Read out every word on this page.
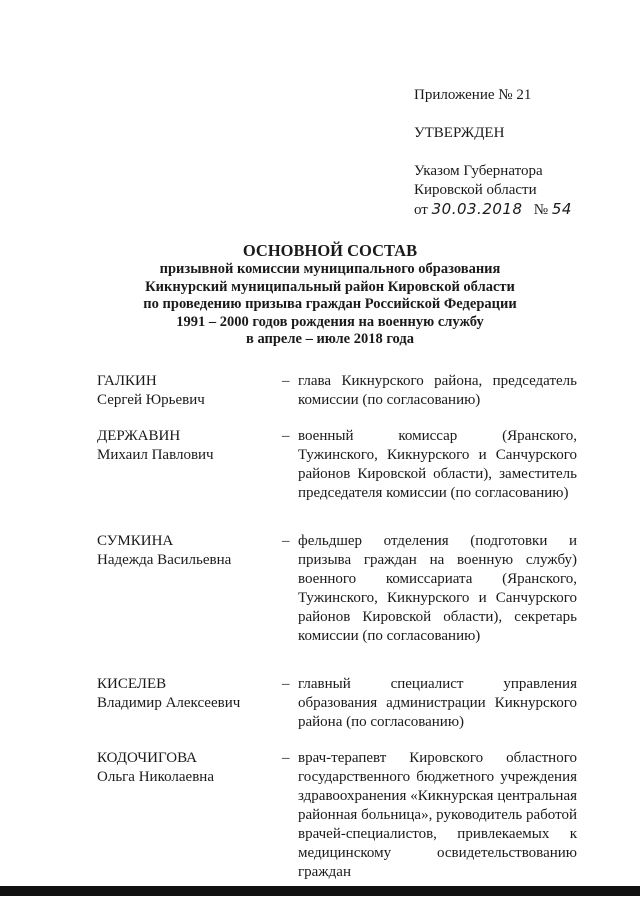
Приложение № 21
УТВЕРЖДЕН
Указом Губернатора
Кировской области
от 30.03.2018 № 54
ОСНОВНОЙ СОСТАВ
призывной комиссии муниципального образования
Кикнурский муниципальный район Кировской области
по проведению призыва граждан Российской Федерации
1991 – 2000 годов рождения на военную службу
в апреле – июле 2018 года
ГАЛКИН
Сергей Юрьевич
– глава Кикнурского района, председатель комиссии (по согласованию)
ДЕРЖАВИН
Михаил Павлович
– военный комиссар (Яранского, Тужинского, Кикнурского и Санчурского районов Кировской области), заместитель председателя комиссии (по согласованию)
СУМКИНА
Надежда Васильевна
– фельдшер отделения (подготовки и призыва граждан на военную службу) военного комиссариата (Яранского, Тужинского, Кикнурского и Санчурского районов Кировской области), секретарь комиссии (по согласованию)
КИСЕЛЕВ
Владимир Алексеевич
– главный специалист управления образования администрации Кикнурского района (по согласованию)
КОДОЧИГОВА
Ольга Николаевна
– врач-терапевт Кировского областного государственного бюджетного учреждения здравоохранения «Кикнурская центральная районная больница», руководитель работой врачей-специалистов, привлекаемых к медицинскому освидетельствованию граждан
